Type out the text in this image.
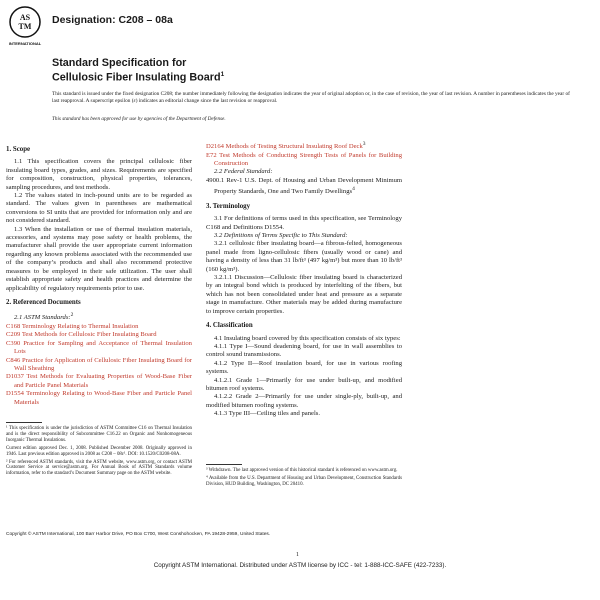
AS
TM
INTERNATIONAL
Designation: C208 – 08a
Standard Specification for
Cellulosic Fiber Insulating Board$^1$
This standard is issued under the fixed designation C208; the number immediately following the designation indicates the year of original adoption or, in the case of revision, the year of last revision. A number in parentheses indicates the year of last reapproval. A superscript epsilon (ε) indicates an editorial change since the last revision or reapproval.
This standard has been approved for use by agencies of the Department of Defense.
1. Scope

1.1 This specification covers the principal cellulosic fiber insulating board types, grades, and sizes. Requirements are specified for composition, construction, physical properties, tolerances, sampling procedures, and test methods.

1.2 The values stated in inch-pound units are to be regarded as standard. The values given in parentheses are mathematical conversions to SI units that are provided for information only and are not considered standard.

1.3 When the installation or use of thermal insulation materials, accessories, and systems may pose safety or health problems, the manufacturer shall provide the user appropriate current information regarding any known problems associated with the recommended use of the company’s products and shall also recommend protective measures to be employed in their safe utilization. The user shall establish appropriate safety and health practices and determine the applicability of regulatory requirements prior to use.

2. Referenced Documents

2.1 ASTM Standards:$^2$

C168 Terminology Relating to Thermal Insulation

C209 Test Methods for Cellulosic Fiber Insulating Board

C390 Practice for Sampling and Acceptance of Thermal Insulation Lots

C846 Practice for Application of Cellulosic Fiber Insulating Board for Wall Sheathing

D1037 Test Methods for Evaluating Properties of Wood-Base Fiber and Particle Panel Materials

D1554 Terminology Relating to Wood-Base Fiber and Particle Panel Materials

D2164 Methods of Testing Structural Insulating Roof Deck$^3$

E72 Test Methods of Conducting Strength Tests of Panels for Building Construction

2.2 Federal Standard:

4900.1 Rev-1 U.S. Dept. of Housing and Urban Development Minimum Property Standards, One and Two Family Dwellings$^4$

3. Terminology

3.1 For definitions of terms used in this specification, see Terminology C168 and Definitions D1554.

3.2 Definitions of Terms Specific to This Standard:

3.2.1 cellulosic fiber insulating board—a fibrous-felted, homogeneous panel made from ligno-cellulosic fibers (usually wood or cane) and having a density of less than 31 lb/ft³ (497 kg/m³) but more than 10 lb/ft³ (160 kg/m³).

3.2.1.1 Discussion—Cellulosic fiber insulating board is characterized by an integral bond which is produced by interfelting of the fibers, but which has not been consolidated under heat and pressure as a separate stage in manufacture. Other materials may be added during manufacture to improve certain properties.

4. Classification

4.1 Insulating board covered by this specification consists of six types:

4.1.1 Type I—Sound deadening board, for use in wall assemblies to control sound transmissions.

4.1.2 Type II—Roof insulation board, for use in various roofing systems.

4.1.2.1 Grade 1—Primarily for use under built-up, and modified bitumen roof systems.

4.1.2.2 Grade 2—Primarily for use under single-ply, built-up, and modified bitumen roofing systems.

4.1.3 Type III—Ceiling tiles and panels.

¹ This specification is under the jurisdiction of ASTM Committee C16 on Thermal Insulation and is the direct responsibility of Subcommittee C16.22 on Organic and Nonhomogeneous Inorganic Thermal Insulations.

Current edition approved Dec. 1, 2008. Published December 2008. Originally approved in 1946. Last previous edition approved in 2008 as C208 – 08ε¹. DOI: 10.1520/C0208-08A.

² For referenced ASTM standards, visit the ASTM website, www.astm.org, or contact ASTM Customer Service at service@astm.org. For Annual Book of ASTM Standards volume information, refer to the standard’s Document Summary page on the ASTM website.

³ Withdrawn. The last approved version of this historical standard is referenced on www.astm.org.

⁴ Available from the U.S. Department of Housing and Urban Development, Construction Standards Division, HUD Building, Washington, DC 20410.

Copyright © ASTM International, 100 Barr Harbor Drive, PO Box C700, West Conshohocken, PA 19428-2959, United States.
1
Copyright ASTM International. Distributed under ASTM license by ICC - tel: 1-888-ICC-SAFE (422-7233).
